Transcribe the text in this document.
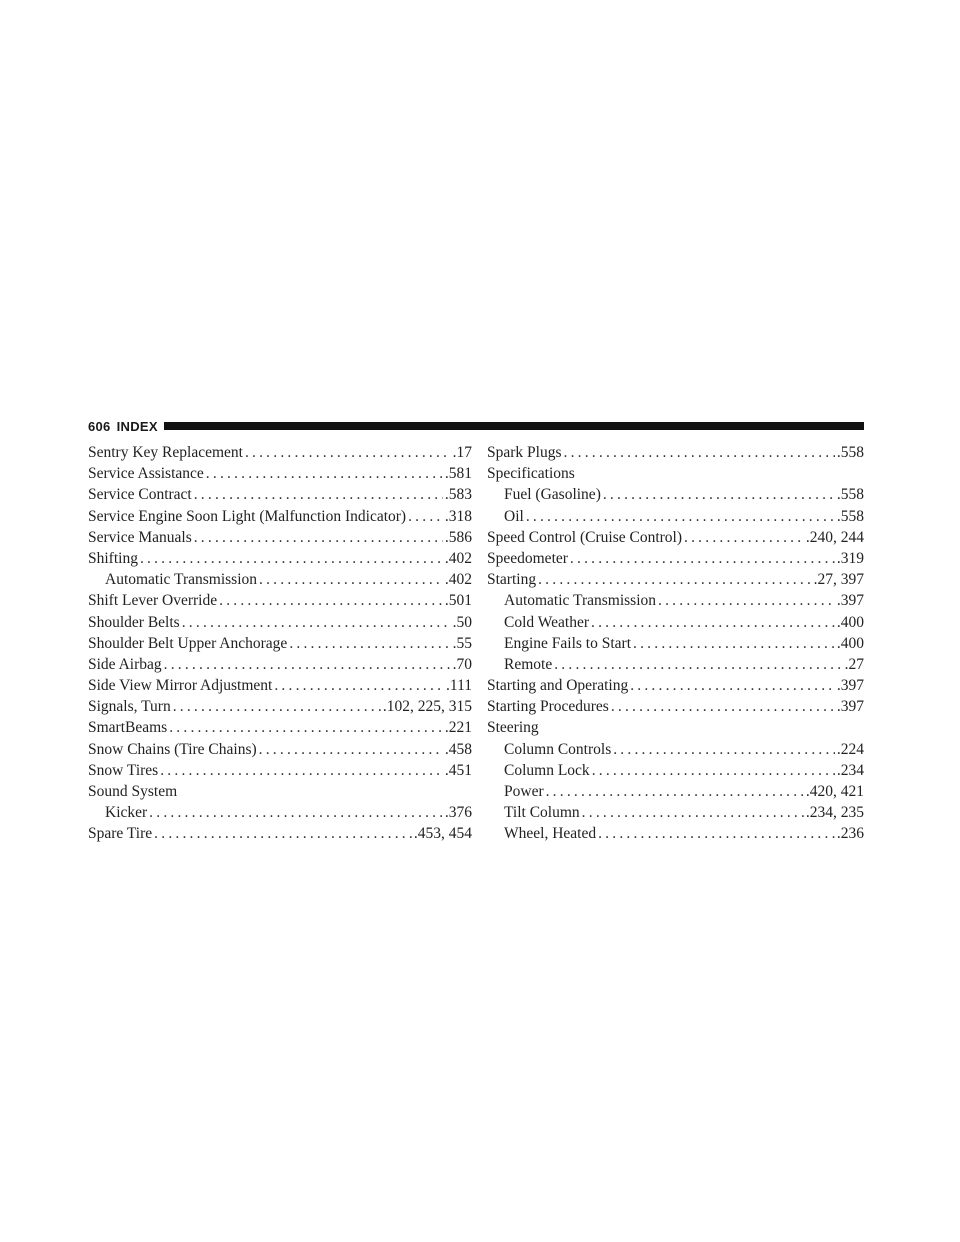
606 INDEX
Sentry Key Replacement .....	.17
Service Assistance .....	.581
Service Contract .....	.583
Service Engine Soon Light (Malfunction Indicator) .....	.318
Service Manuals .....	.586
Shifting .....	.402
Automatic Transmission .....	.402
Shift Lever Override .....	.501
Shoulder Belts .....	.50
Shoulder Belt Upper Anchorage .....	.55
Side Airbag .....	.70
Side View Mirror Adjustment .....	.111
Signals, Turn .....	.102, 225, 315
SmartBeams .....	.221
Snow Chains (Tire Chains) .....	.458
Snow Tires .....	.451
Sound System
Kicker .....	.376
Spare Tire .....	.453, 454
Spark Plugs .....	.558
Specifications
Fuel (Gasoline) .....	.558
Oil .....	.558
Speed Control (Cruise Control) .....	.240, 244
Speedometer .....	.319
Starting .....	.27, 397
Automatic Transmission .....	.397
Cold Weather .....	.400
Engine Fails to Start .....	.400
Remote .....	.27
Starting and Operating .....	.397
Starting Procedures .....	.397
Steering
Column Controls .....	.224
Column Lock .....	.234
Power .....	.420, 421
Tilt Column .....	.234, 235
Wheel, Heated .....	.236
